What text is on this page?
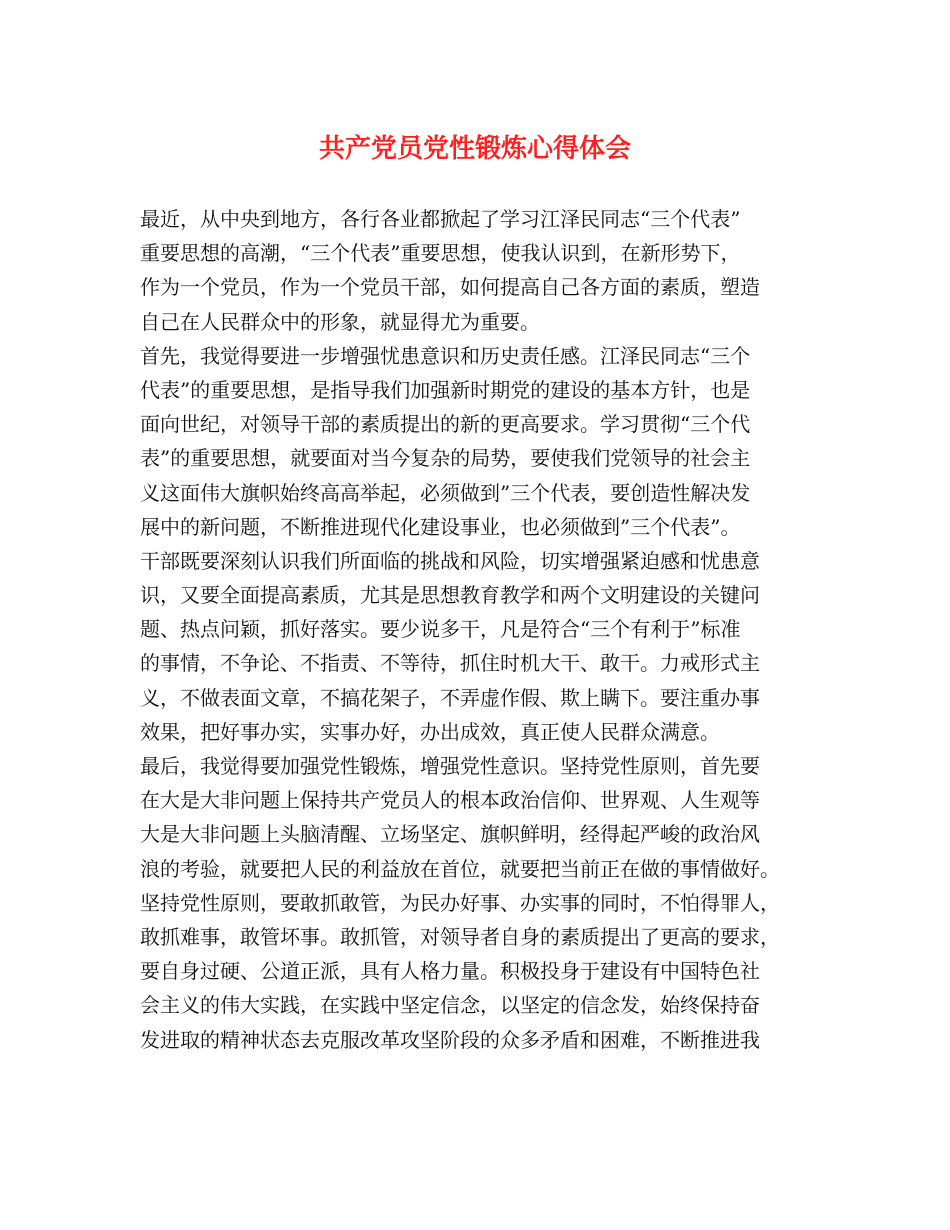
共产党员党性锻炼心得体会
最近，从中央到地方，各行各业都掀起了学习江泽民同志“三个代表”
重要思想的高潮，“三个代表”重要思想，使我认识到，在新形势下，
作为一个党员，作为一个党员干部，如何提高自己各方面的素质，塑造
自己在人民群众中的形象，就显得尤为重要。
首先，我觉得要进一步增强忧患意识和历史责任感。江泽民同志“三个
代表”的重要思想，是指导我们加强新时期党的建设的基本方针，也是
面向世纪，对领导干部的素质提出的新的更高要求。学习贯彻“三个代
表”的重要思想，就要面对当今复杂的局势，要使我们党领导的社会主
义这面伟大旗帜始终高高举起，必须做到”三个代表，要创造性解决发
展中的新问题，不断推进现代化建设事业，也必须做到”三个代表”。
干部既要深刻认识我们所面临的挑战和风险，切实增强紧迫感和忧患意
识，又要全面提高素质，尤其是思想教育教学和两个文明建设的关键问
题、热点问颖，抓好落实。要少说多干，凡是符合“三个有利于”标准
的事情，不争论、不指责、不等待，抓住时机大干、敢干。力戒形式主
义，不做表面文章，不搞花架子，不弄虚作假、欺上瞒下。要注重办事
效果，把好事办实，实事办好，办出成效，真正使人民群众满意。
最后，我觉得要加强党性锻炼，增强党性意识。坚持党性原则，首先要
在大是大非问题上保持共产党员人的根本政治信仰、世界观、人生观等
大是大非问题上头脑清醒、立场坚定、旗帜鲜明，经得起严峻的政治风
浪的考验，就要把人民的利益放在首位，就要把当前正在做的事情做好。
坚持党性原则，要敢抓敢管，为民办好事、办实事的同时，不怕得罪人，
敢抓难事，敢管坏事。敢抓管，对领导者自身的素质提出了更高的要求，
要自身过硬、公道正派，具有人格力量。积极投身于建设有中国特色社
会主义的伟大实践，在实践中坚定信念，以坚定的信念发，始终保持奋
发进取的精神状态去克服改革攻坚阶段的众多矛盾和困难，不断推进我
